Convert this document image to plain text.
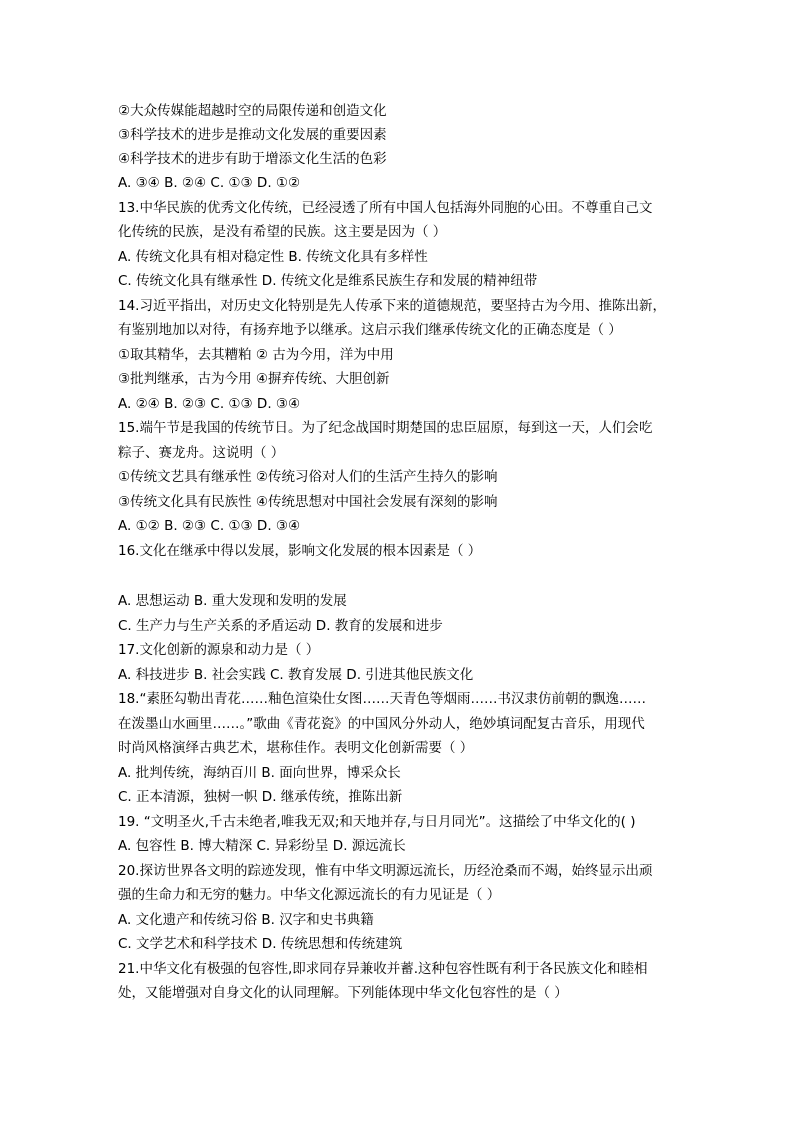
②大众传媒能超越时空的局限传递和创造文化
③科学技术的进步是推动文化发展的重要因素
④科学技术的进步有助于增添文化生活的色彩
A. ③④ B. ②④ C. ①③ D. ①②
13.中华民族的优秀文化传统，已经浸透了所有中国人包括海外同胞的心田。不尊重自己文
化传统的民族，是没有希望的民族。这主要是因为（ ）
A. 传统文化具有相对稳定性 B. 传统文化具有多样性
C. 传统文化具有继承性 D. 传统文化是维系民族生存和发展的精神纽带
14.习近平指出，对历史文化特别是先人传承下来的道德规范，要坚持古为今用、推陈出新，
有鉴别地加以对待，有扬弃地予以继承。这启示我们继承传统文化的正确态度是（ ）
①取其精华，去其糟粕 ② 古为今用，洋为中用
③批判继承，古为今用 ④摒弃传统、大胆创新
A. ②④ B. ②③ C. ①③ D. ③④
15.端午节是我国的传统节日。为了纪念战国时期楚国的忠臣屈原，每到这一天，人们会吃
粽子、赛龙舟。这说明（ ）
①传统文艺具有继承性 ②传统习俗对人们的生活产生持久的影响
③传统文化具有民族性 ④传统思想对中国社会发展有深刻的影响
A. ①② B. ②③ C. ①③ D. ③④
16.文化在继承中得以发展，影响文化发展的根本因素是（ ）
A. 思想运动 B. 重大发现和发明的发展
C. 生产力与生产关系的矛盾运动 D. 教育的发展和进步
17.文化创新的源泉和动力是（ ）
A. 科技进步 B. 社会实践 C. 教育发展 D. 引进其他民族文化
18.“素胚勾勒出青花……釉色渲染仕女图……天青色等烟雨……书汉隶仿前朝的飘逸……
在泼墨山水画里……。”歌曲《青花瓷》的中国风分外动人，绝妙填词配复古音乐，用现代
时尚风格演绎古典艺术，堪称佳作。表明文化创新需要（ ）
A. 批判传统，海纳百川 B. 面向世界，博采众长
C. 正本清源，独树一帜 D. 继承传统，推陈出新
19. “文明圣火,千古未绝者,唯我无双;和天地并存,与日月同光”。这描绘了中华文化的( )
A. 包容性 B. 博大精深 C. 异彩纷呈 D. 源远流长
20.探访世界各文明的踪迹发现，惟有中华文明源远流长，历经沧桑而不竭，始终显示出顽
强的生命力和无穷的魅力。中华文化源远流长的有力见证是（ ）
A. 文化遗产和传统习俗 B. 汉字和史书典籍
C. 文学艺术和科学技术 D. 传统思想和传统建筑
21.中华文化有极强的包容性,即求同存异兼收并蓄.这种包容性既有利于各民族文化和睦相
处，又能增强对自身文化的认同理解。下列能体现中华文化包容性的是（ ）
